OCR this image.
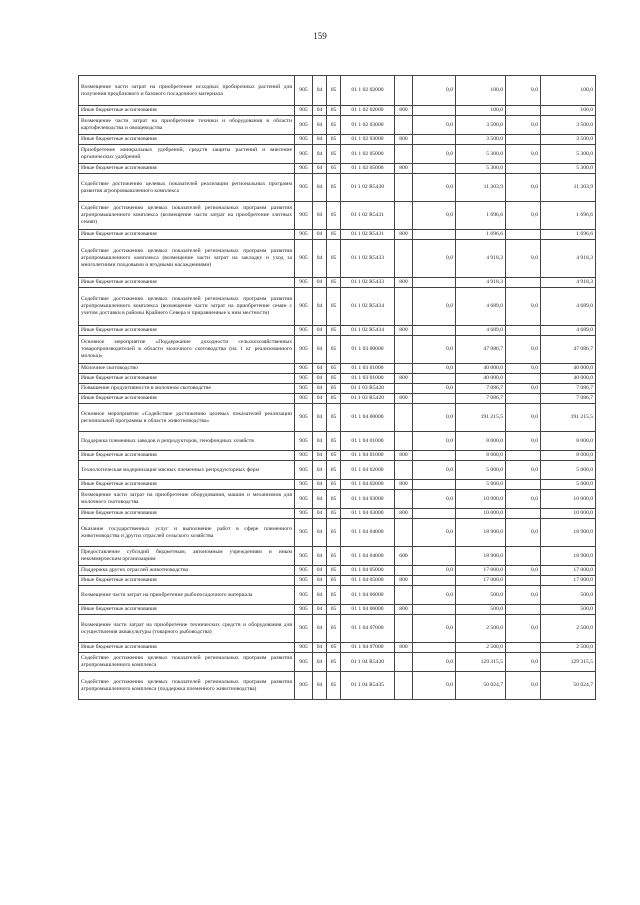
159
Возмещение части затрат на приобретение исходных пробирочных растений для получения предбазового и базового посадочного материала	905	04	05	01 1 02 02000		0,0	100,0	0,0	100,0
Иные бюджетные ассигнования	905	04	05	01 1 02 02000	800		100,0		100,0
Возмещение части затрат на приобретение техники и оборудования в области картофелеводства и овощеводства	905	04	05	01 1 02 03000		0,0	3 500,0	0,0	3 500,0
Иные бюджетные ассигнования	905	04	05	01 1 02 03000	800		3 500,0		3 500,0
Приобретение минеральных удобрений, средств защиты растений и внесение органических удобрений	905	04	05	01 1 02 05000		0,0	5 300,0	0,0	5 300,0
Иные бюджетные ассигнования	905	04	05	01 1 02 05000	800		5 300,0		5 300,0
Содействие достижению целевых показателей реализации региональных программ развития агропромышленного комплекса	905	04	05	01 1 02 R5430		0,0	11 303,9	0,0	11 303,9
Содействие достижению целевых показателей региональных программ развития агропромышленного комплекса (возмещение части затрат на приобретение элитных семян)	905	04	05	01 1 02 R5431		0,0	1 696,6	0,0	1 696,6
Иные бюджетные ассигнования	905	04	05	01 1 02 R5431	800		1 696,6		1 696,6
Содействие достижению целевых показателей региональных программ развития агропромышленного комплекса (возмещение части затрат на закладку и уход за многолетними плодовыми и ягодными насаждениями)	905	04	05	01 1 02 R5433		0,0	4 918,3	0,0	4 918,3
Иные бюджетные ассигнования	905	04	05	01 1 02 R5433	800		4 918,3		4 918,3
Содействие достижению целевых показателей региональных программ развития агропромышленного комплекса (возмещение части затрат на приобретение семян с учетом доставки в районы Крайнего Севера и приравненные к ним местности)	905	04	05	01 1 02 R5434		0,0	4 689,0	0,0	4 689,0
Иные бюджетные ассигнования	905	04	05	01 1 02 R5434	800		4 689,0		4 689,0
Основное мероприятие «Поддержание доходности сельскохозяйственных товаропроизводителей в области молочного скотоводства (на 1 кг реализованного молока)»	905	04	05	01 1 03 00000		0,0	47 086,7	0,0	47 086,7
Молочное скотоводство	905	04	05	01 1 03 01000		0,0	40 000,0	0,0	40 000,0
Иные бюджетные ассигнования	905	04	05	01 1 03 01000	800		40 000,0		40 000,0
Повышение продуктивности в молочном скотоводстве	905	04	05	01 1 03 R5420		0,0	7 086,7	0,0	7 086,7
Иные бюджетные ассигнования	905	04	05	01 1 03 R5420	800		7 086,7		7 086,7
Основное мероприятие «Содействие достижению целевых показателей реализации региональной программы в области животноводства»	905	04	05	01 1 04 00000		0,0	191 215,5	0,0	191 215,5
Поддержка племенных заводов и репродукторов, генофондных хозяйств	905	04	05	01 1 04 01000		0,0	8 000,0	0,0	8 000,0
Иные бюджетные ассигнования	905	04	05	01 1 04 01000	800		8 000,0		8 000,0
Технологическая модернизация мясных племенных репродукторных ферм	905	04	05	01 1 04 02000		0,0	5 000,0	0,0	5 000,0
Иные бюджетные ассигнования	905	04	05	01 1 04 02000	800		5 000,0		5 000,0
Возмещение части затрат на приобретение оборудования, машин и механизмов для молочного скотоводства	905	04	05	01 1 04 03000		0,0	10 000,0	0,0	10 000,0
Иные бюджетные ассигнования	905	04	05	01 1 04 03000	800		10 000,0		10 000,0
Оказание государственных услуг и выполнение работ в сфере племенного животноводства и других отраслей сельского хозяйства	905	04	05	01 1 04 04000		0,0	18 900,0	0,0	18 900,0
Предоставление субсидий бюджетным, автономным учреждениям и иным некоммерческим организациям	905	04	05	01 1 04 04000	600		18 900,0		18 900,0
Поддержка других отраслей животноводства	905	04	05	01 1 04 05000		0,0	17 000,0	0,0	17 000,0
Иные бюджетные ассигнования	905	04	05	01 1 04 05000	800		17 000,0		17 000,0
Возмещение части затрат на приобретение рыбопосадочного материала	905	04	05	01 1 04 06000		0,0	500,0	0,0	500,0
Иные бюджетные ассигнования	905	04	05	01 1 04 06000	800		500,0		500,0
Возмещение части затрат на приобретение технических средств и оборудования для осуществления аквакультуры (товарного рыбоводства)	905	04	05	01 1 04 07000		0,0	2 500,0	0,0	2 500,0
Иные бюджетные ассигнования	905	04	05	01 1 04 07000	800		2 500,0		2 500,0
Содействие достижению целевых показателей региональных программ развития агропромышленного комплекса	905	04	05	01 1 04 R5430		0,0	129 315,5	0,0	129 315,5
Содействие достижению целевых показателей региональных программ развития агропромышленного комплекса (поддержка племенного животноводства)	905	04	05	01 1 04 R5435		0,0	50 024,7	0,0	50 024,7
